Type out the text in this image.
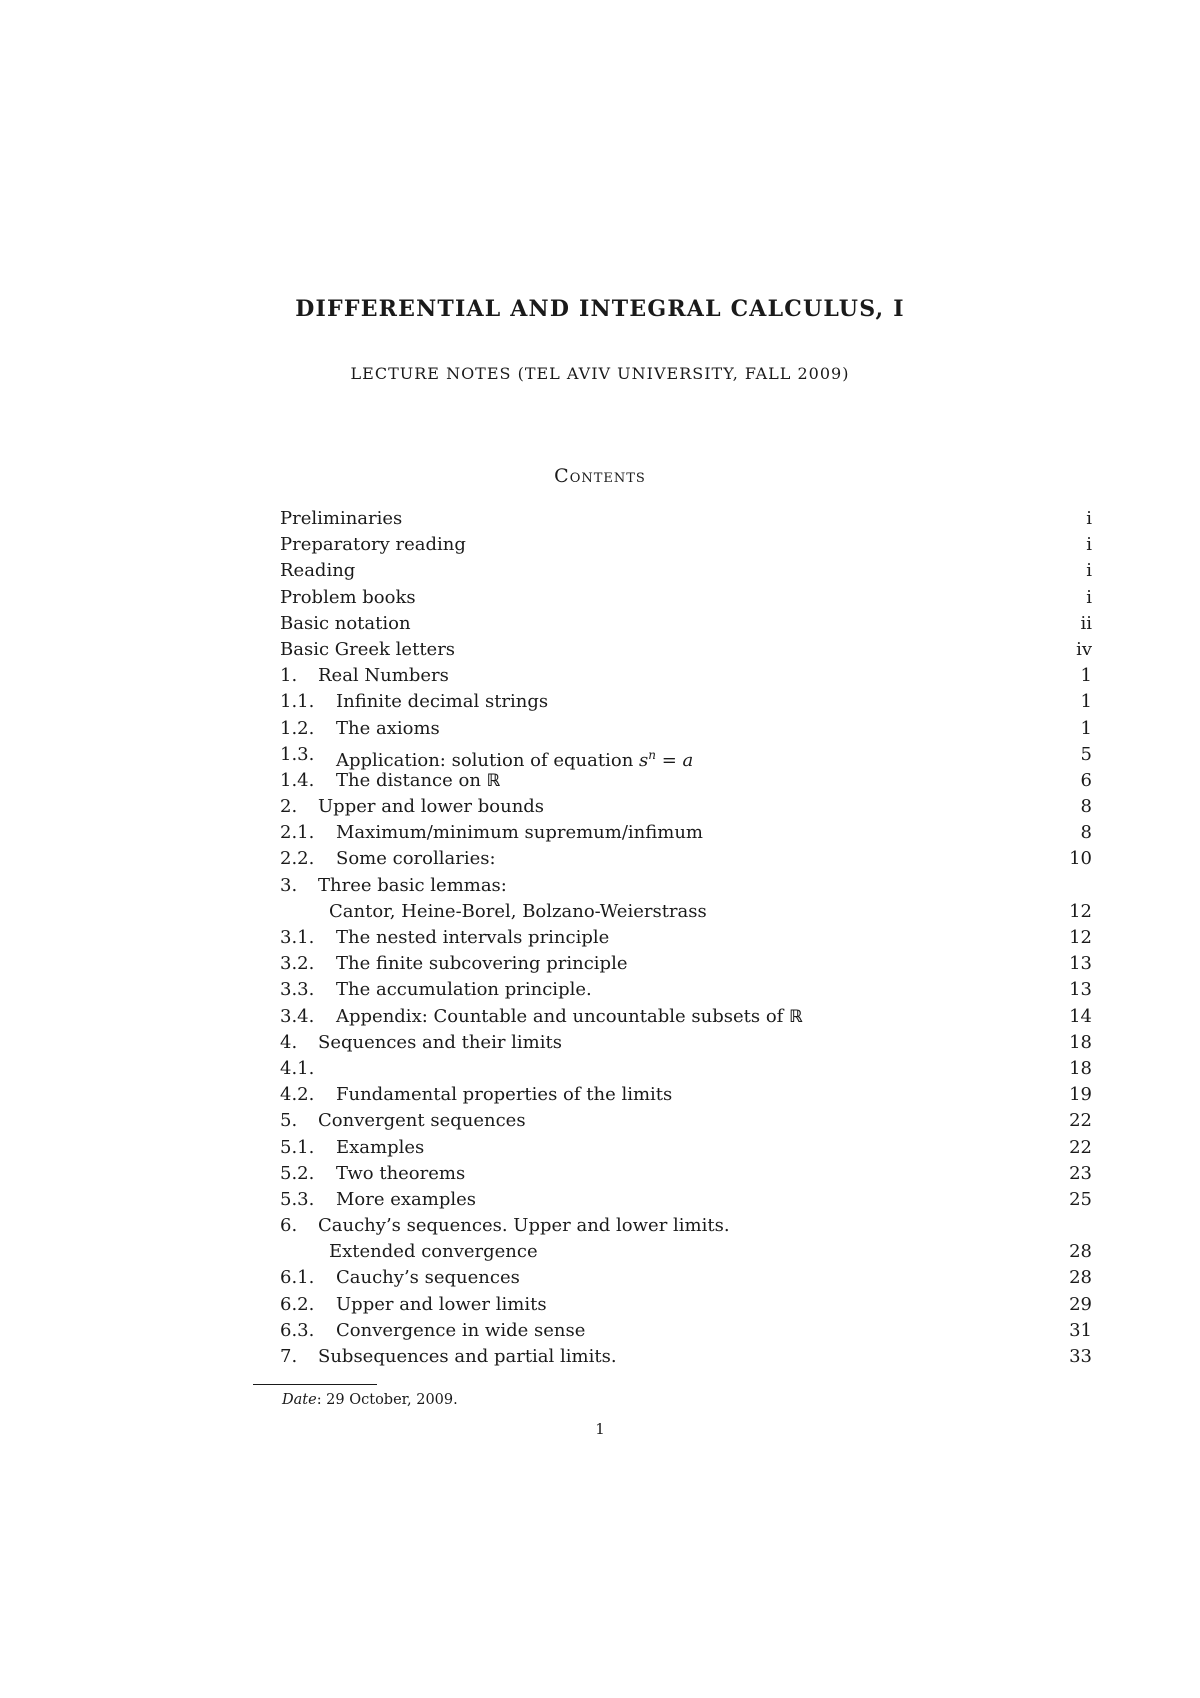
DIFFERENTIAL AND INTEGRAL CALCULUS, I
LECTURE NOTES (TEL AVIV UNIVERSITY, FALL 2009)
Contents
Preliminaries	i
Preparatory reading	i
Reading	i
Problem books	i
Basic notation	ii
Basic Greek letters	iv
1.	Real Numbers	1
1.1.	Infinite decimal strings	1
1.2.	The axioms	1
1.3.	Application: solution of equation $s^n = a$	5
1.4.	The distance on ℝ	6
2.	Upper and lower bounds	8
2.1.	Maximum/minimum supremum/infimum	8
2.2.	Some corollaries:	10
3.	Three basic lemmas:
Cantor, Heine-Borel, Bolzano-Weierstrass	12
3.1.	The nested intervals principle	12
3.2.	The finite subcovering principle	13
3.3.	The accumulation principle.	13
3.4.	Appendix: Countable and uncountable subsets of ℝ	14
4.	Sequences and their limits	18
4.1.	18
4.2.	Fundamental properties of the limits	19
5.	Convergent sequences	22
5.1.	Examples	22
5.2.	Two theorems	23
5.3.	More examples	25
6.	Cauchy’s sequences. Upper and lower limits.
Extended convergence	28
6.1.	Cauchy’s sequences	28
6.2.	Upper and lower limits	29
6.3.	Convergence in wide sense	31
7.	Subsequences and partial limits.	33
Date: 29 October, 2009.
1
